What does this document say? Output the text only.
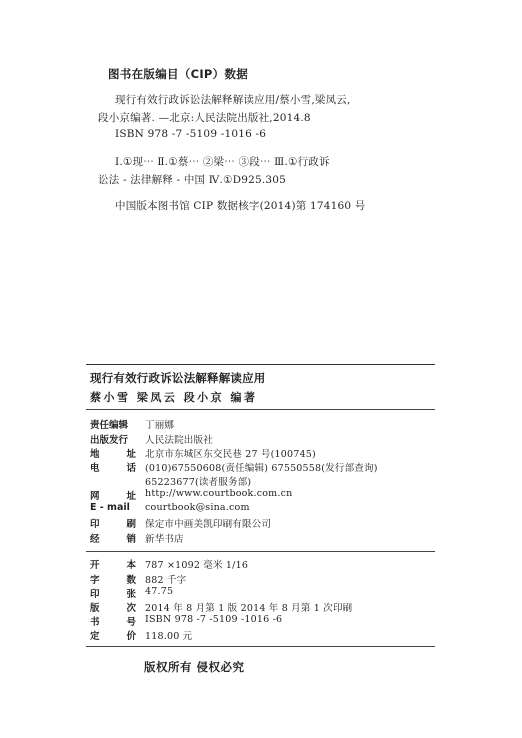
图书在版编目（CIP）数据
现行有效行政诉讼法解释解读应用/蔡小雪,梁凤云,
段小京编著. —北京:人民法院出版社,2014.8
ISBN 978 -7 -5109 -1016 -6
Ⅰ.①现⋯ Ⅱ.①蔡⋯ ②梁⋯ ③段⋯ Ⅲ.①行政诉
讼法 - 法律解释 - 中国 Ⅳ.①D925.305
中国版本图书馆 CIP 数据核字(2014)第 174160 号
现行有效行政诉讼法解释解读应用
蔡小雪 梁凤云 段小京 编著
责任编辑 丁丽娜
出版发行 人民法院出版社
地	址 北京市东城区东交民巷 27 号(100745)
电	话 (010)67550608(责任编辑) 67550558(发行部查询)
65223677(读者服务部)
网	址 http://www.courtbook.com.cn
E - mail courtbook@sina.com
印	刷 保定市中画美凯印刷有限公司
经	销 新华书店
开	本 787 ×1092 毫米 1/16
字	数 882 千字
印	张 47.75
版	次 2014 年 8 月第 1 版 2014 年 8 月第 1 次印刷
书	号 ISBN 978 -7 -5109 -1016 -6
定	价 118.00 元
版权所有 侵权必究
